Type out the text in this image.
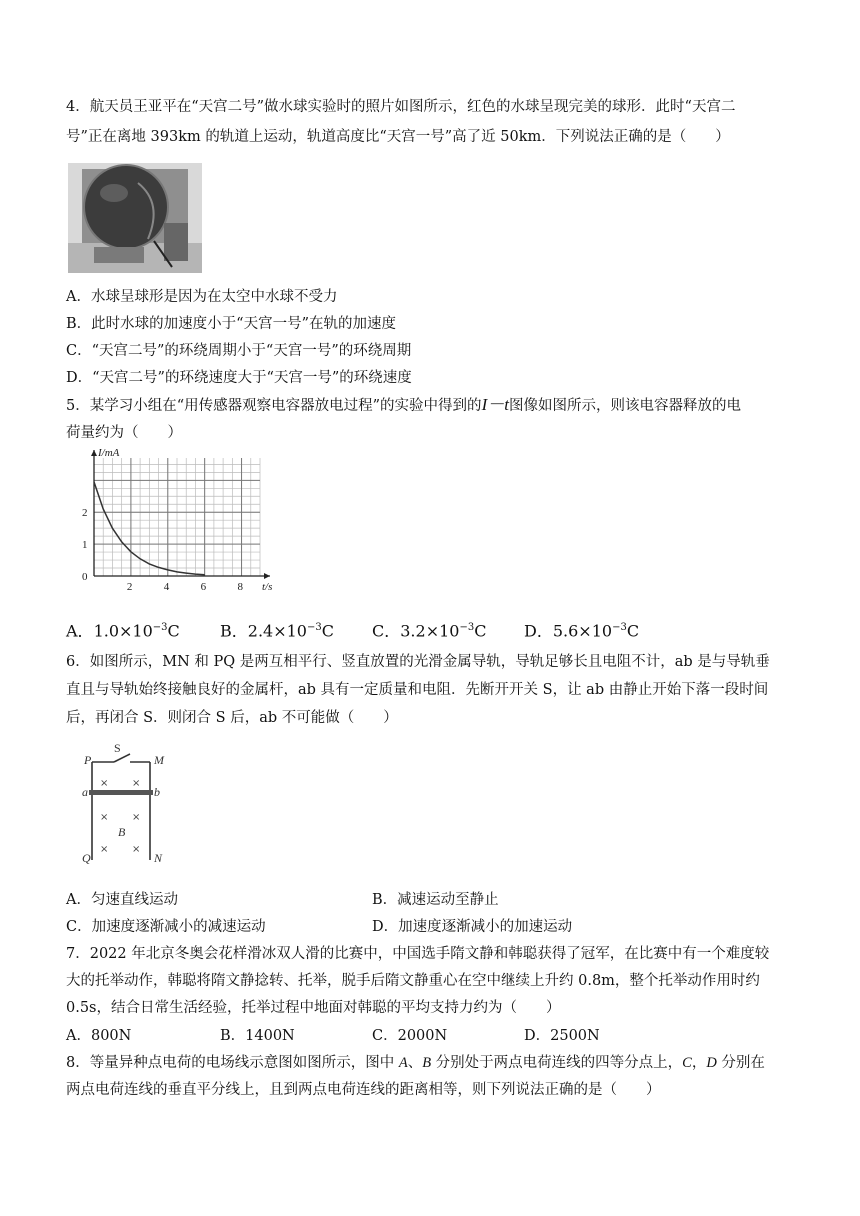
4．航天员王亚平在“天宫二号”做水球实验时的照片如图所示，红色的水球呈现完美的球形．此时“天宫二
号”正在离地 393km 的轨道上运动，轨道高度比“天宫一号”高了近 50km．下列说法正确的是（　　）
A．水球呈球形是因为在太空中水球不受力
B．此时水球的加速度小于“天宫一号”在轨的加速度
C．“天宫二号”的环绕周期小于“天宫一号”的环绕周期
D．“天宫二号”的环绕速度大于“天宫一号”的环绕速度
5．某学习小组在“用传感器观察电容器放电过程”的实验中得到的I－t图像如图所示，则该电容器释放的电
荷量约为（　　）
0
2	4	6	8
1
2
I/mA
t/s
A．$1.0\times 10^{-3}C$	B．$2.4\times 10^{-3}C$ C．$3.2\times 10^{-3}C$ D．$5.6\times 10^{-3}C$
6．如图所示，MN 和 PQ 是两互相平行、竖直放置的光滑金属导轨，导轨足够长且电阻不计，ab 是与导轨垂
直且与导轨始终接触良好的金属杆，ab 具有一定质量和电阻．先断开开关 S，让 ab 由静止开始下落一段时间
后，再闭合 S．则闭合 S 后，ab 不可能做（　　）
P	M
a	b
B
Q	N
S
× ×
× ×
× ×
A．匀速直线运动	B．减速运动至静止
C．加速度逐渐减小的减速运动	D．加速度逐渐减小的加速运动
7．2022 年北京冬奥会花样滑冰双人滑的比赛中，中国选手隋文静和韩聪获得了冠军，在比赛中有一个难度较
大的托举动作，韩聪将隋文静捻转、托举，脱手后隋文静重心在空中继续上升约 0.8m，整个托举动作用时约
0.5s，结合日常生活经验，托举过程中地面对韩聪的平均支持力约为（　　）
A．800N	B．1400N	C．2000N	D．2500N
8．等量异种点电荷的电场线示意图如图所示，图中 A、B 分别处于两点电荷连线的四等分点上，C，D 分别在
两点电荷连线的垂直平分线上，且到两点电荷连线的距离相等，则下列说法正确的是（　　）
